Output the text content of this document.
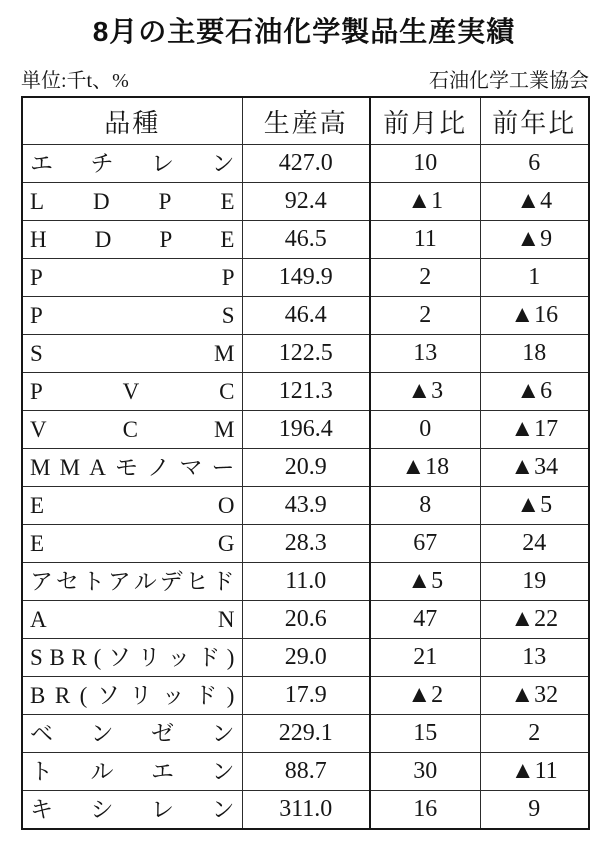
8月の主要石油化学製品生産実績
単位:千t、%	石油化学工業協会
品種	生産高	前月比	前年比

エ チ レ ン	427.0	10	6

L D P E	92.4	▲1	▲4

H D P E	46.5	11	▲9

P P	149.9	2	1

P S	46.4	2	▲16

S M	122.5	13	18

P V C	121.3	▲3	▲6

V C M	196.4	0	▲17

M M A モ ノ マ ー	20.9	▲18	▲34

E O	43.9	8	▲5

E G	28.3	67	24

ア セ ト ア ル デ ヒ ド	11.0	▲5	19

A N	20.6	47	▲22

S B R ( ソ リ ッ ド )	29.0	21	13

B R ( ソ リ ッ ド )	17.9	▲2	▲32

ベ ン ゼ ン	229.1	15	2

ト ル エ ン	88.7	30	▲11

キ シ レ ン	311.0	16	9
